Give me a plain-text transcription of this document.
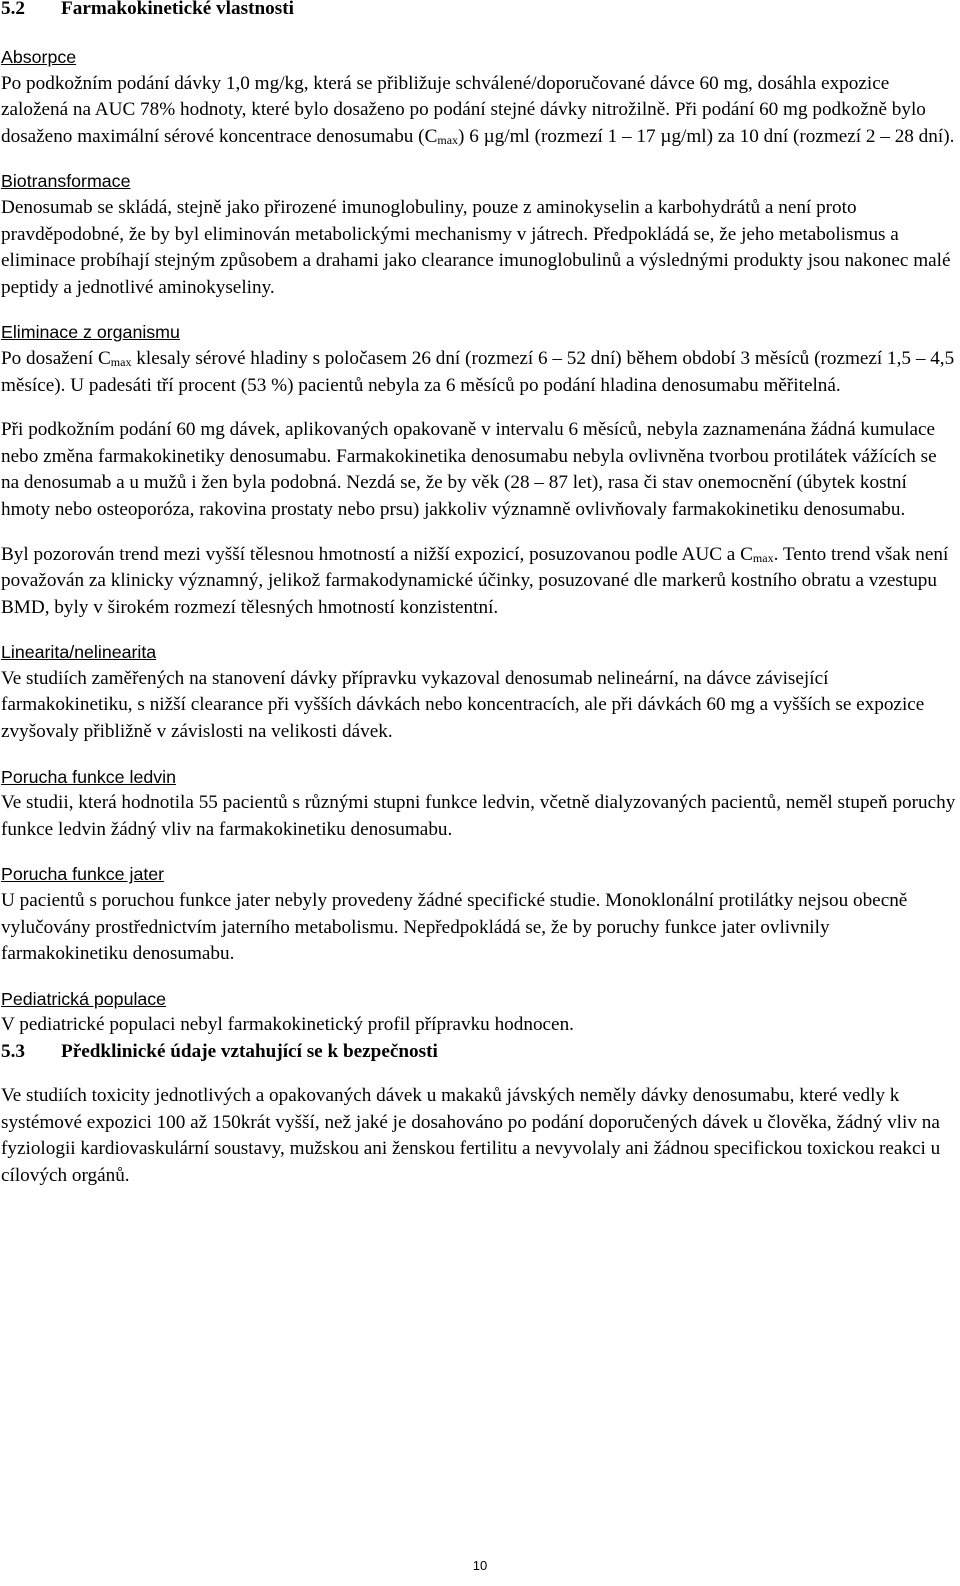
5.2	Farmakokinetické vlastnosti
Absorpce

Po podkožním podání dávky 1,0 mg/kg, která se přibližuje schválené/doporučované dávce 60 mg, dosáhla expozice založená na AUC 78% hodnoty, které bylo dosaženo po podání stejné dávky nitrožilně. Při podání 60 mg podkožně bylo dosaženo maximální sérové koncentrace denosumabu $(C_{max})$ 6 µg/ml (rozmezí 1 – 17 µg/ml) za 10 dní (rozmezí 2 – 28 dní).

Biotransformace

Denosumab se skládá, stejně jako přirozené imunoglobuliny, pouze z aminokyselin a karbohydrátů a není proto pravděpodobné, že by byl eliminován metabolickými mechanismy v játrech. Předpokládá se, že jeho metabolismus a eliminace probíhají stejným způsobem a drahami jako clearance imunoglobulinů a výslednými produkty jsou nakonec malé peptidy a jednotlivé aminokyseliny.

Eliminace z organismu

Po dosažení $C_{max}$ klesaly sérové hladiny s poločasem 26 dní (rozmezí 6 – 52 dní) během období 3 měsíců (rozmezí 1,5 – 4,5 měsíce). U padesáti tří procent (53 %) pacientů nebyla za 6 měsíců po podání hladina denosumabu měřitelná.

Při podkožním podání 60 mg dávek, aplikovaných opakovaně v intervalu 6 měsíců, nebyla zaznamenána žádná kumulace nebo změna farmakokinetiky denosumabu. Farmakokinetika denosumabu nebyla ovlivněna tvorbou protilátek vážících se na denosumab a u mužů i žen byla podobná. Nezdá se, že by věk (28 – 87 let), rasa či stav onemocnění (úbytek kostní hmoty nebo osteoporóza, rakovina prostaty nebo prsu) jakkoliv významně ovlivňovaly farmakokinetiku denosumabu.

Byl pozorován trend mezi vyšší tělesnou hmotností a nižší expozicí, posuzovanou podle AUC a $C_{max}$. Tento trend však není považován za klinicky významný, jelikož farmakodynamické účinky, posuzované dle markerů kostního obratu a vzestupu BMD, byly v širokém rozmezí tělesných hmotností konzistentní.

Linearita/nelinearita

Ve studiích zaměřených na stanovení dávky přípravku vykazoval denosumab nelineární, na dávce závisející farmakokinetiku, s nižší clearance při vyšších dávkách nebo koncentracích, ale při dávkách 60 mg a vyšších se expozice zvyšovaly přibližně v závislosti na velikosti dávek.

Porucha funkce ledvin

Ve studii, která hodnotila 55 pacientů s různými stupni funkce ledvin, včetně dialyzovaných pacientů, neměl stupeň poruchy funkce ledvin žádný vliv na farmakokinetiku denosumabu.

Porucha funkce jater

U pacientů s poruchou funkce jater nebyly provedeny žádné specifické studie. Monoklonální protilátky nejsou obecně vylučovány prostřednictvím jaterního metabolismu. Nepředpokládá se, že by poruchy funkce jater ovlivnily farmakokinetiku denosumabu.

Pediatrická populace

V pediatrické populaci nebyl farmakokinetický profil přípravku hodnocen.

5.3	Předklinické údaje vztahující se k bezpečnosti

Ve studiích toxicity jednotlivých a opakovaných dávek u makaků jávských neměly dávky denosumabu, které vedly k systémové expozici 100 až 150krát vyšší, než jaké je dosahováno po podání doporučených dávek u člověka, žádný vliv na fyziologii kardiovaskulární soustavy, mužskou ani ženskou fertilitu a nevyvolaly ani žádnou specifickou toxickou reakci u cílových orgánů.

10
